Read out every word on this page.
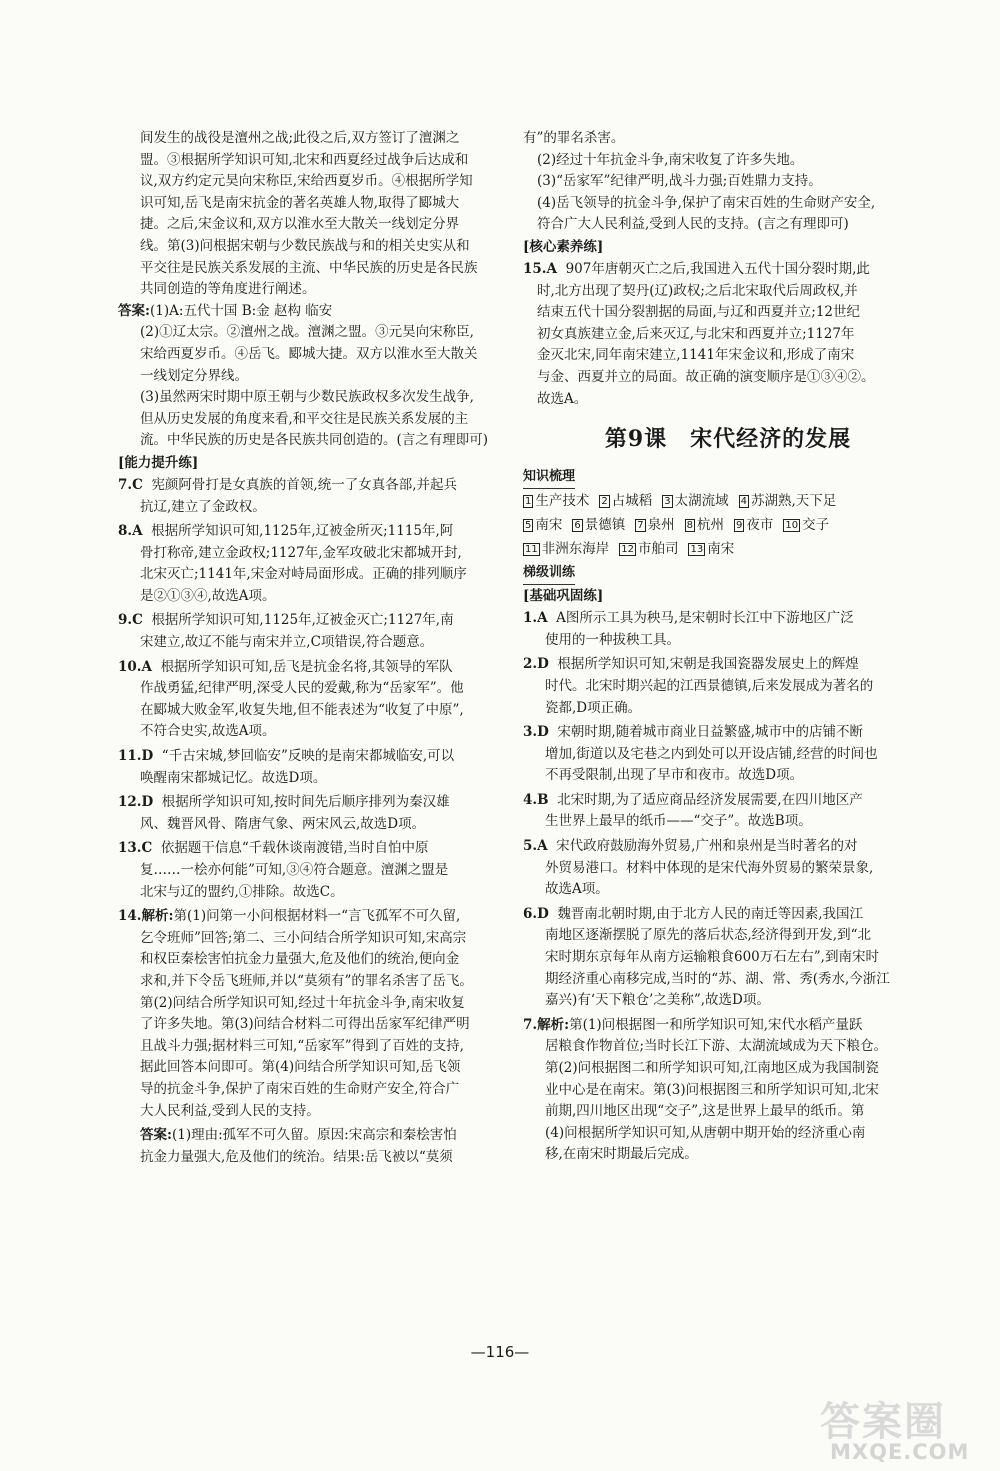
间发生的战役是澶州之战;此役之后,双方签订了澶渊之
盟。③根据所学知识可知,北宋和西夏经过战争后达成和
议,双方约定元昊向宋称臣,宋给西夏岁币。④根据所学知
识可知,岳飞是南宋抗金的著名英雄人物,取得了郾城大
捷。之后,宋金议和,双方以淮水至大散关一线划定分界
线。第(3)问根据宋朝与少数民族战与和的相关史实从和
平交往是民族关系发展的主流、中华民族的历史是各民族
共同创造的等角度进行阐述。
答案:(1)A:五代十国 B:金 赵构 临安
(2)①辽太宗。②澶州之战。澶渊之盟。③元昊向宋称臣,
宋给西夏岁币。④岳飞。郾城大捷。双方以淮水至大散关
一线划定分界线。
(3)虽然两宋时期中原王朝与少数民族政权多次发生战争,
但从历史发展的角度来看,和平交往是民族关系发展的主
流。中华民族的历史是各民族共同创造的。(言之有理即可)
[能力提升练]
7.C 宪颜阿骨打是女真族的首领,统一了女真各部,并起兵
抗辽,建立了金政权。
8.A 根据所学知识可知,1125年,辽被金所灭;1115年,阿
骨打称帝,建立金政权;1127年,金军攻破北宋都城开封,
北宋灭亡;1141年,宋金对峙局面形成。正确的排列顺序
是②①③④,故选A项。
9.C 根据所学知识可知,1125年,辽被金灭亡;1127年,南
宋建立,故辽不能与南宋并立,C项错误,符合题意。
10.A 根据所学知识可知,岳飞是抗金名将,其领导的军队
作战勇猛,纪律严明,深受人民的爱戴,称为“岳家军”。他
在郾城大败金军,收复失地,但不能表述为“收复了中原”,
不符合史实,故选A项。
11.D “千古宋城,梦回临安”反映的是南宋都城临安,可以
唤醒南宋都城记忆。故选D项。
12.D 根据所学知识可知,按时间先后顺序排列为秦汉雄
风、魏晋风骨、隋唐气象、两宋风云,故选D项。
13.C 依据题干信息“千载休谈南渡错,当时自怕中原
复……一桧亦何能”可知,③④符合题意。澶渊之盟是
北宋与辽的盟约,①排除。故选C。
14.解析:第(1)问第一小问根据材料一“言飞孤军不可久留,
乞令班师”回答;第二、三小问结合所学知识可知,宋高宗
和权臣秦桧害怕抗金力量强大,危及他们的统治,便向金
求和,并下令岳飞班师,并以“莫须有”的罪名杀害了岳飞。
第(2)问结合所学知识可知,经过十年抗金斗争,南宋收复
了许多失地。第(3)问结合材料二可得出岳家军纪律严明
且战斗力强;据材料三可知,“岳家军”得到了百姓的支持,
据此回答本问即可。第(4)问结合所学知识可知,岳飞领
导的抗金斗争,保护了南宋百姓的生命财产安全,符合广
大人民利益,受到人民的支持。
答案:(1)理由:孤军不可久留。原因:宋高宗和秦桧害怕
抗金力量强大,危及他们的统治。结果:岳飞被以“莫须
有”的罪名杀害。
(2)经过十年抗金斗争,南宋收复了许多失地。
(3)“岳家军”纪律严明,战斗力强;百姓鼎力支持。
(4)岳飞领导的抗金斗争,保护了南宋百姓的生命财产安全,
符合广大人民利益,受到人民的支持。(言之有理即可)
[核心素养练]
15.A 907年唐朝灭亡之后,我国进入五代十国分裂时期,此
时,北方出现了契丹(辽)政权;之后北宋取代后周政权,并
结束五代十国分裂割据的局面,与辽和西夏并立;12世纪
初女真族建立金,后来灭辽,与北宋和西夏并立;1127年
金灭北宋,同年南宋建立,1141年宋金议和,形成了南宋
与金、西夏并立的局面。故正确的演变顺序是①③④②。
故选A。
第9课　宋代经济的发展
知识梳理
1 生产技术 2 占城稻 3 太湖流域 4 苏湖熟,天下足
5 南宋 6 景德镇 7 泉州 8 杭州 9 夜市 10 交子
11 非洲东海岸 12 市舶司 13 南宋
梯级训练
[基础巩固练]
1.A A图所示工具为秧马,是宋朝时长江中下游地区广泛
使用的一种拔秧工具。
2.D 根据所学知识可知,宋朝是我国瓷器发展史上的辉煌
时代。北宋时期兴起的江西景德镇,后来发展成为著名的
瓷都,D项正确。
3.D 宋朝时期,随着城市商业日益繁盛,城市中的店铺不断
增加,街道以及宅巷之内到处可以开设店铺,经营的时间也
不再受限制,出现了早市和夜市。故选D项。
4.B 北宋时期,为了适应商品经济发展需要,在四川地区产
生世界上最早的纸币——“交子”。故选B项。
5.A 宋代政府鼓励海外贸易,广州和泉州是当时著名的对
外贸易港口。材料中体现的是宋代海外贸易的繁荣景象,
故选A项。
6.D 魏晋南北朝时期,由于北方人民的南迁等因素,我国江
南地区逐渐摆脱了原先的落后状态,经济得到开发,到“北
宋时期东京每年从南方运输粮食600万石左右”,到南宋时
期经济重心南移完成,当时的“苏、湖、常、秀(秀水,今浙江
嘉兴)有‘天下粮仓’之美称”,故选D项。
7.解析:第(1)问根据图一和所学知识可知,宋代水稻产量跃
居粮食作物首位;当时长江下游、太湖流域成为天下粮仓。
第(2)问根据图二和所学知识可知,江南地区成为我国制瓷
业中心是在南宋。第(3)问根据图三和所学知识可知,北宋
前期,四川地区出现“交子”,这是世界上最早的纸币。第
(4)问根据所学知识可知,从唐朝中期开始的经济重心南
移,在南宋时期最后完成。
—116—
答案圈
MXQE.COM
